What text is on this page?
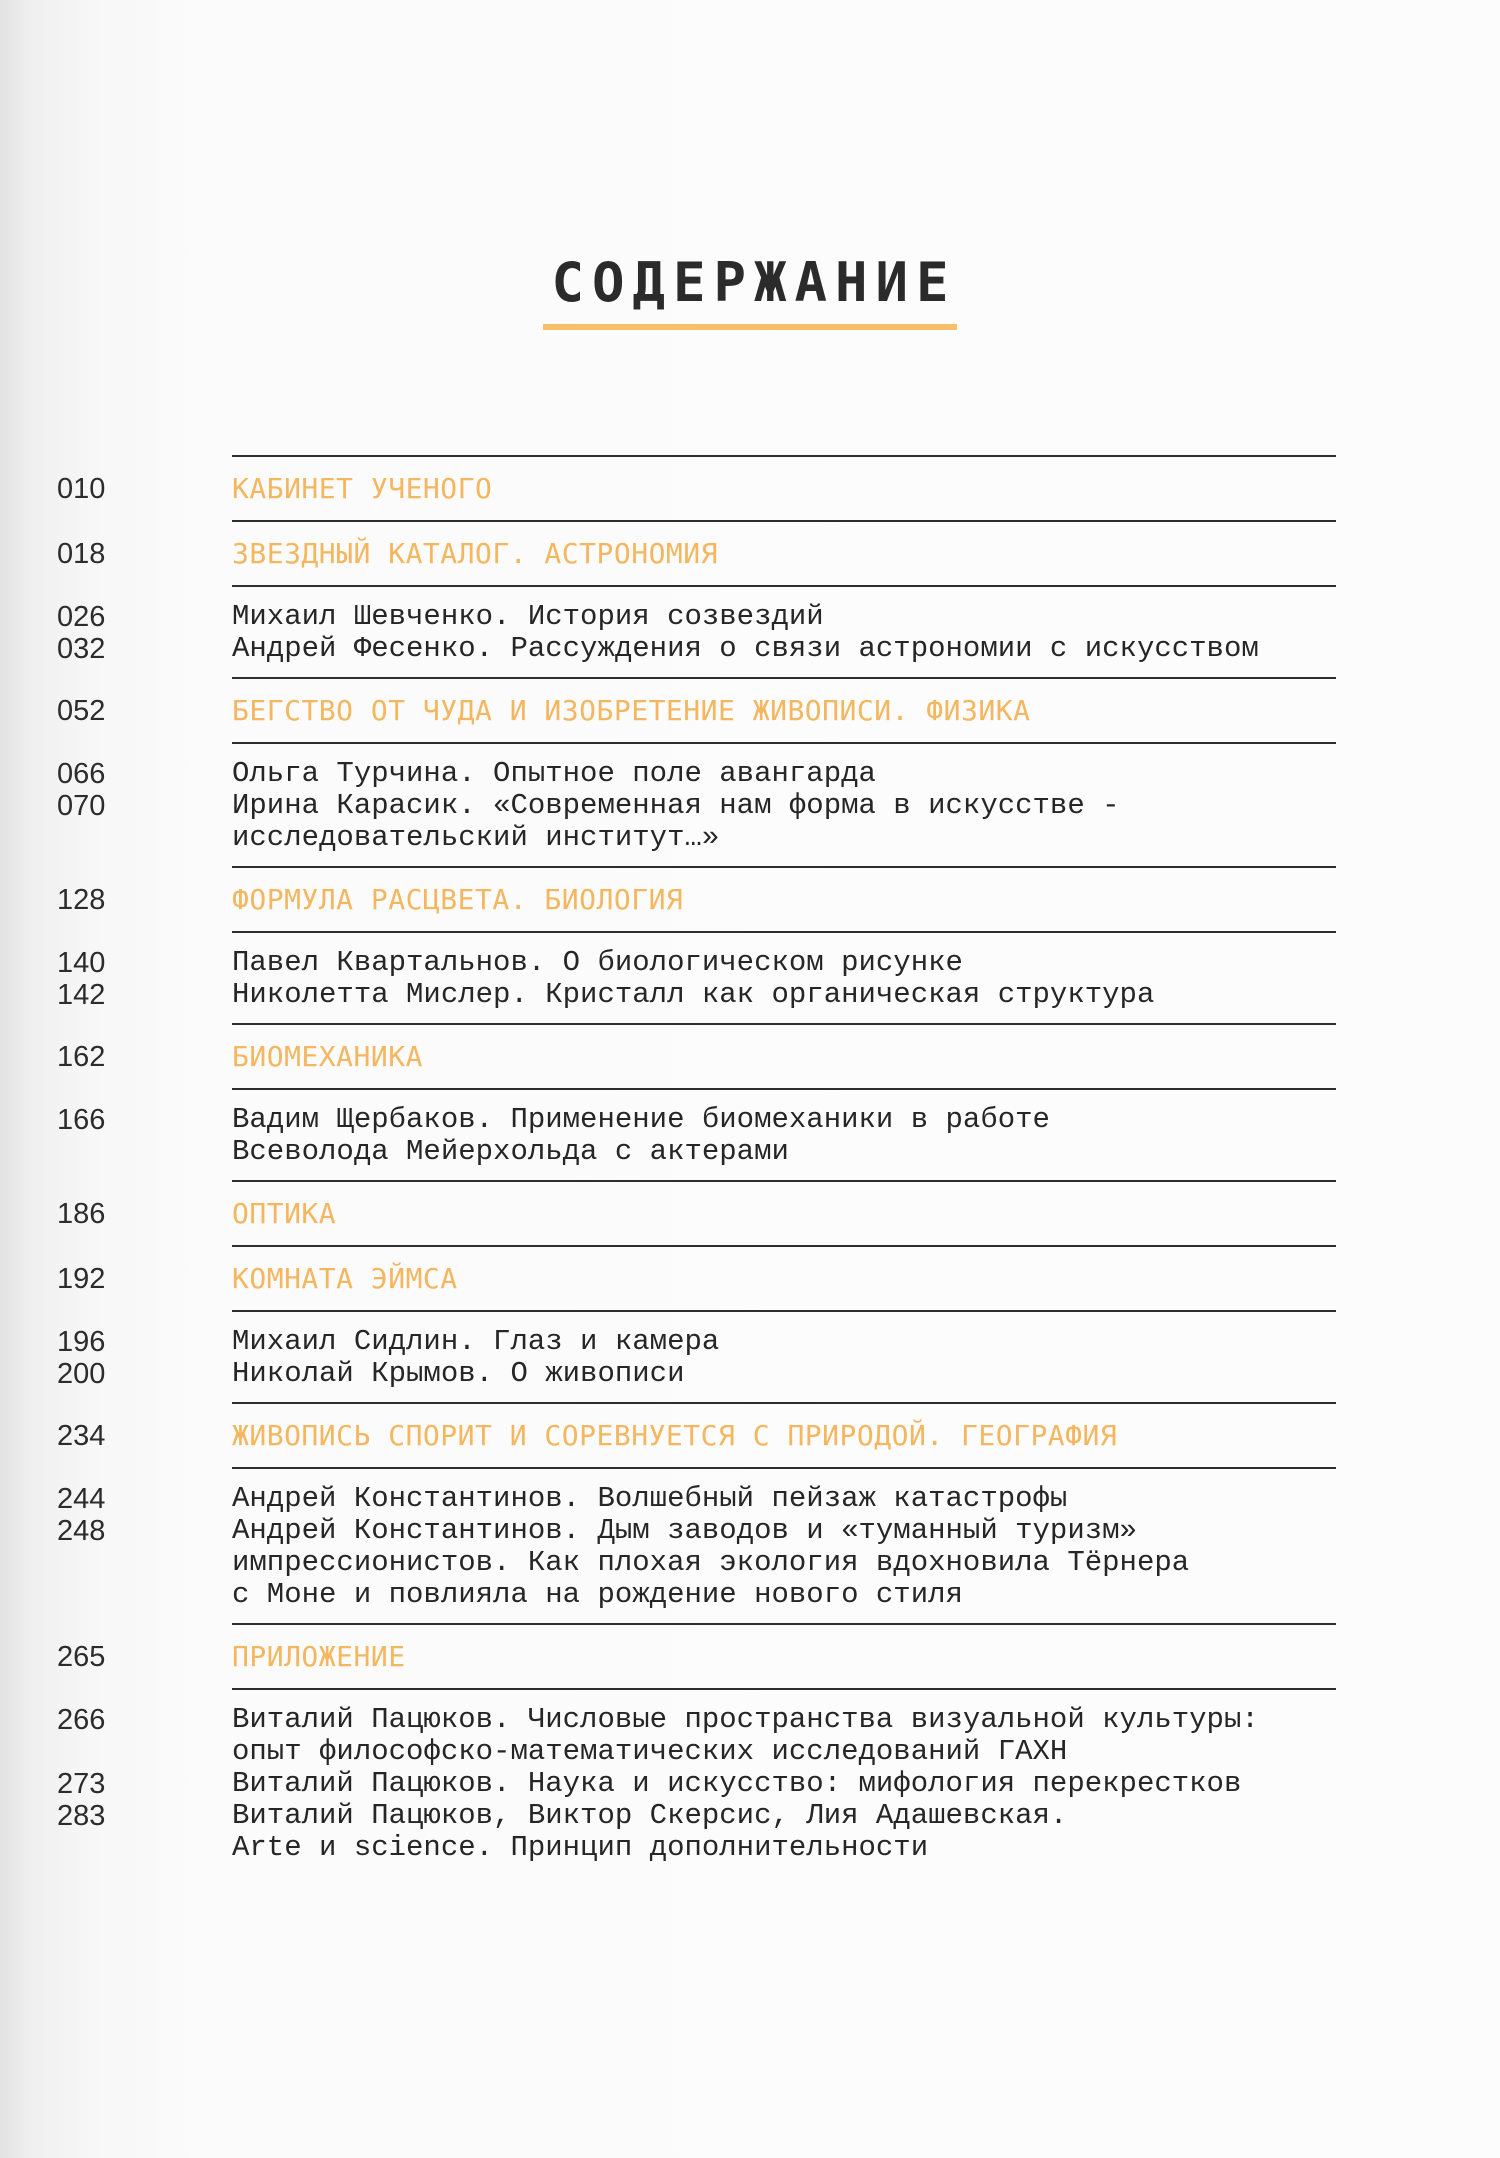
СОДЕРЖАНИЕ
010	КАБИНЕТ УЧЕНОГО
018	ЗВЕЗДНЫЙ КАТАЛОГ. АСТРОНОМИЯ
026	Михаил Шевченко. История созвездий
032	Андрей Фесенко. Рассуждения о связи астрономии с искусством
052	БЕГСТВО ОТ ЧУДА И ИЗОБРЕТЕНИЕ ЖИВОПИСИ. ФИЗИКА
066	Ольга Турчина. Опытное поле авангарда
070	Ирина Карасик. «Современная нам форма в искусстве -
исследовательский институт…»
128	ФОРМУЛА РАСЦВЕТА. БИОЛОГИЯ
140	Павел Квартальнов. О биологическом рисунке
142	Николетта Мислер. Кристалл как органическая структура
162	БИОМЕХАНИКА
166	Вадим Щербаков. Применение биомеханики в работе
Всеволода Мейерхольда с актерами
186	ОПТИКА
192	КОМНАТА ЭЙМСА
196	Михаил Сидлин. Глаз и камера
200	Николай Крымов. О живописи
234	ЖИВОПИСЬ СПОРИТ И СОРЕВНУЕТСЯ С ПРИРОДОЙ. ГЕОГРАФИЯ
244	Андрей Константинов. Волшебный пейзаж катастрофы
248	Андрей Константинов. Дым заводов и «туманный туризм»
импрессионистов. Как плохая экология вдохновила Тёрнера
с Моне и повлияла на рождение нового стиля
265	ПРИЛОЖЕНИЕ
266	Виталий Пацюков. Числовые пространства визуальной культуры:
опыт философско-математических исследований ГАХН
273	Виталий Пацюков. Наука и искусство: мифология перекрестков
283	Виталий Пацюков, Виктор Скерсис, Лия Адашевская.
Arte и science. Принцип дополнительности
